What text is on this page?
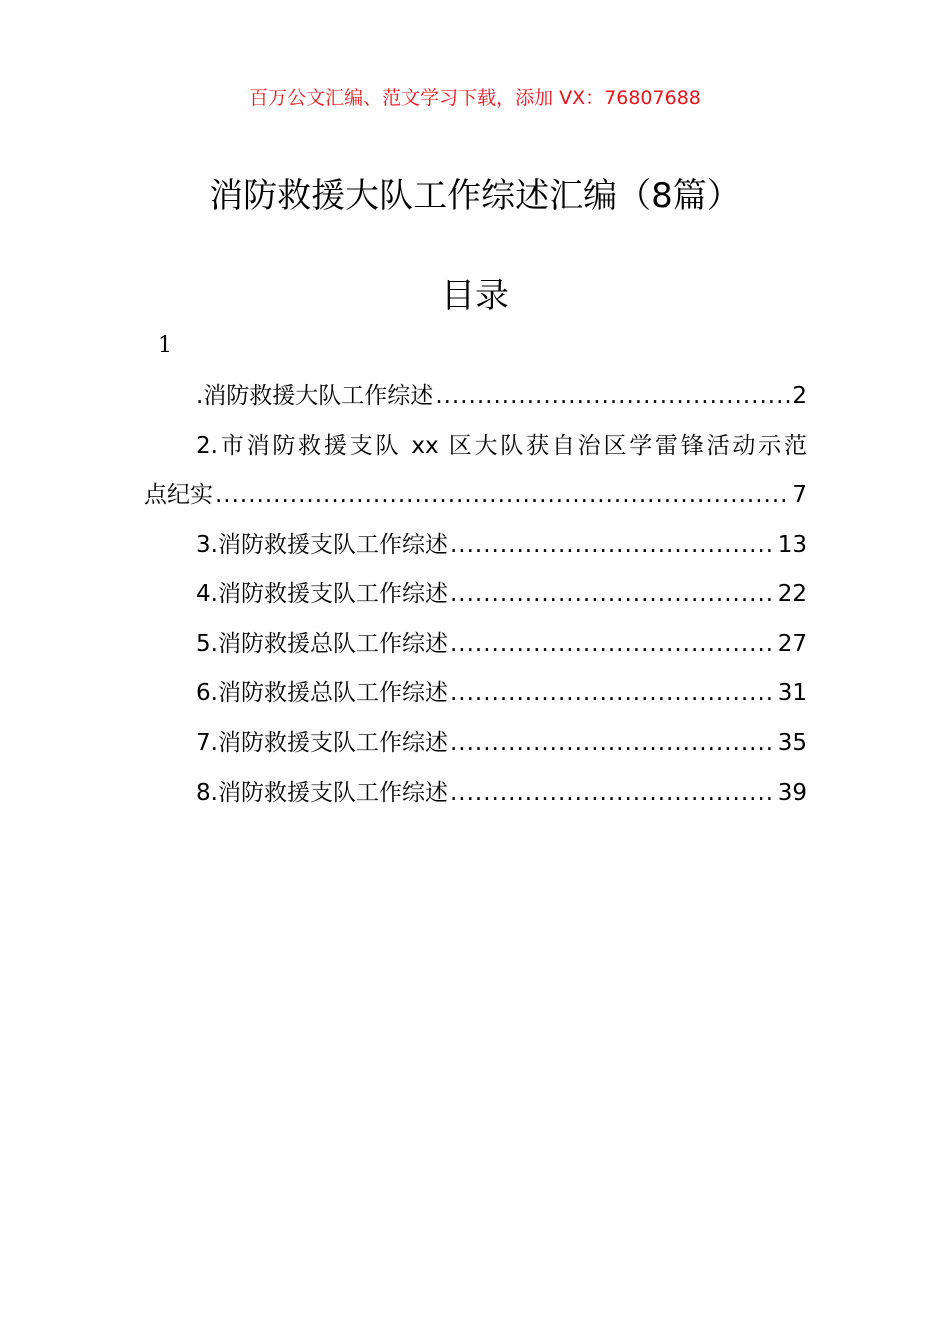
百万公文汇编、范文学习下载，添加 VX：76807688
消防救援大队工作综述汇编（8篇）
目录
1
.消防救援大队工作综述 .....	2
2.市消防救援支队 xx 区大队获自治区学雷锋活动示范
点纪实 .....	7
3.消防救援支队工作综述 .....	13
4.消防救援支队工作综述 .....	22
5.消防救援总队工作综述 .....	27
6.消防救援总队工作综述 .....	31
7.消防救援支队工作综述 .....	35
8.消防救援支队工作综述 .....	39
